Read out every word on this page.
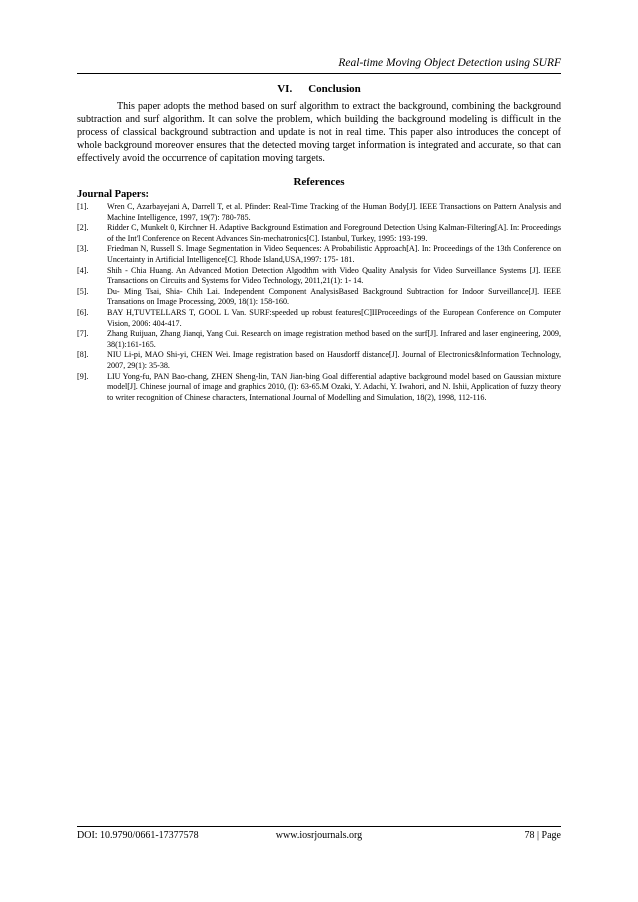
Real-time Moving Object Detection using SURF
VI. Conclusion

This paper adopts the method based on surf algorithm to extract the background, combining the background subtraction and surf algorithm. It can solve the problem, which building the background modeling is difficult in the process of classical background subtraction and update is not in real time. This paper also introduces the concept of whole background moreover ensures that the detected moving target information is integrated and accurate, so that can effectively avoid the occurrence of capitation moving targets.

References
Journal Papers:
[1]. Wren C, Azarbayejani A, Darrell T, et al. Pfinder: Real-Time Tracking of the Human Body[J]. IEEE Transactions on Pattern Analysis and Machine Intelligence, 1997, 19(7): 780-785.
[2]. Ridder C, Munkelt 0, Kirchner H. Adaptive Background Estimation and Foreground Detection Using Kalman-Filtering[A]. In: Proceedings of the Int'l Conference on Recent Advances Sin-mechatronics[C]. Istanbul, Turkey, 1995: 193-199.
[3]. Friedman N, Russell S. Image Segmentation in Video Sequences: A Probabilistic Approach[A]. In: Proceedings of the 13th Conference on Uncertainty in Artificial Intelligence[C]. Rhode Island,USA,1997: 175- 181.
[4]. Shih - Chia Huang. An Advanced Motion Detection Algodthm with Video Quality Analysis for Video Surveillance Systems [J]. IEEE Transactions on Circuits and Systems for Video Technology, 2011,21(1): 1- 14.
[5]. Du- Ming Tsai, Shia- Chih Lai. Independent Component AnalysisBased Background Subtraction for Indoor Surveillance[J]. IEEE Transations on Image Processing, 2009, 18(1): 158-160.
[6]. BAY H,TUVTELLARS T, GOOL L Van. SURF:speeded up robust features[C]IIProceedings of the European Conference on Computer Vision, 2006: 404-417.
[7]. Zhang Ruijuan, Zhang Jianqi, Yang Cui. Research on image registration method based on the surf[J]. Infrared and laser engineering, 2009, 38(1):161-165.
[8]. NIU Li-pi, MAO Shi-yi, CHEN Wei. Image registration based on Hausdorff distance[J]. Journal of Electronics&lnformation Technology, 2007, 29(1): 35-38.
[9]. LIU Yong-fu, PAN Bao-chang, ZHEN Sheng-lin, TAN Jian-bing Goal differential adaptive background model based on Gaussian mixture model[J]. Chinese journal of image and graphics 2010, (I): 63-65.M Ozaki, Y. Adachi, Y. Iwahori, and N. Ishii, Application of fuzzy theory to writer recognition of Chinese characters, International Journal of Modelling and Simulation, 18(2), 1998, 112-116.
DOI: 10.9790/0661-17377578	www.iosrjournals.org	78 | Page
